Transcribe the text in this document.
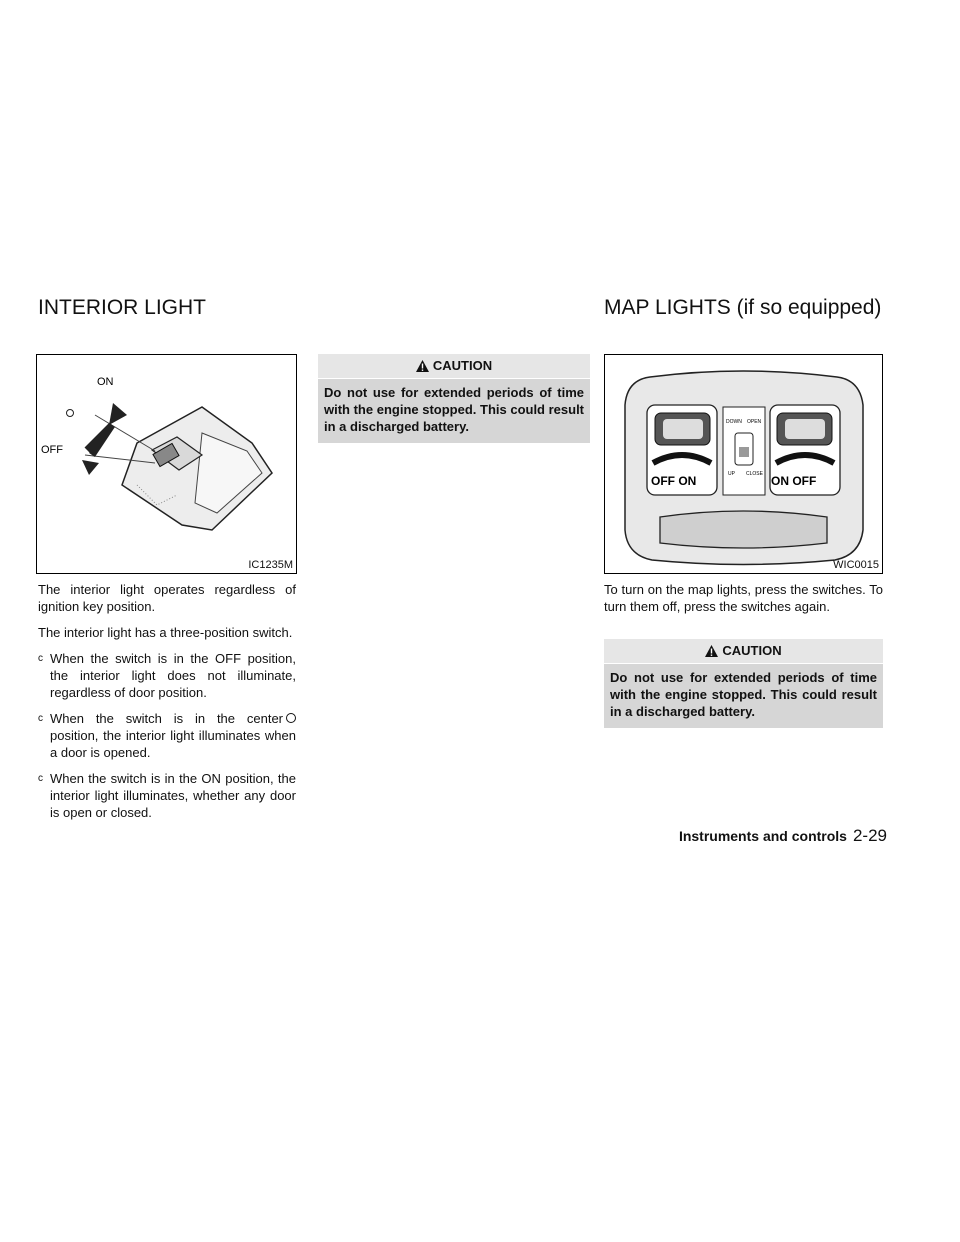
INTERIOR LIGHT	MAP LIGHTS (if so equipped)
ON
OFF
IC1235M

The interior light operates regardless of ignition key position.

The interior light has a three-position switch.

c When the switch is in the OFF position, the interior light does not illuminate, regardless of door position.
c When the switch is in the center position, the interior light illuminates when a door is opened.
c When the switch is in the ON position, the interior light illuminates, whether any door is open or closed.
CAUTION
Do not use for extended periods of time with the engine stopped. This could result in a discharged battery.
OFF ON	ON OFF
DOWN OPEN
UP CLOSE
WIC0015

To turn on the map lights, press the switches. To turn them off, press the switches again.

CAUTION
Do not use for extended periods of time with the engine stopped. This could result in a discharged battery.
Instruments and controls 2-29
